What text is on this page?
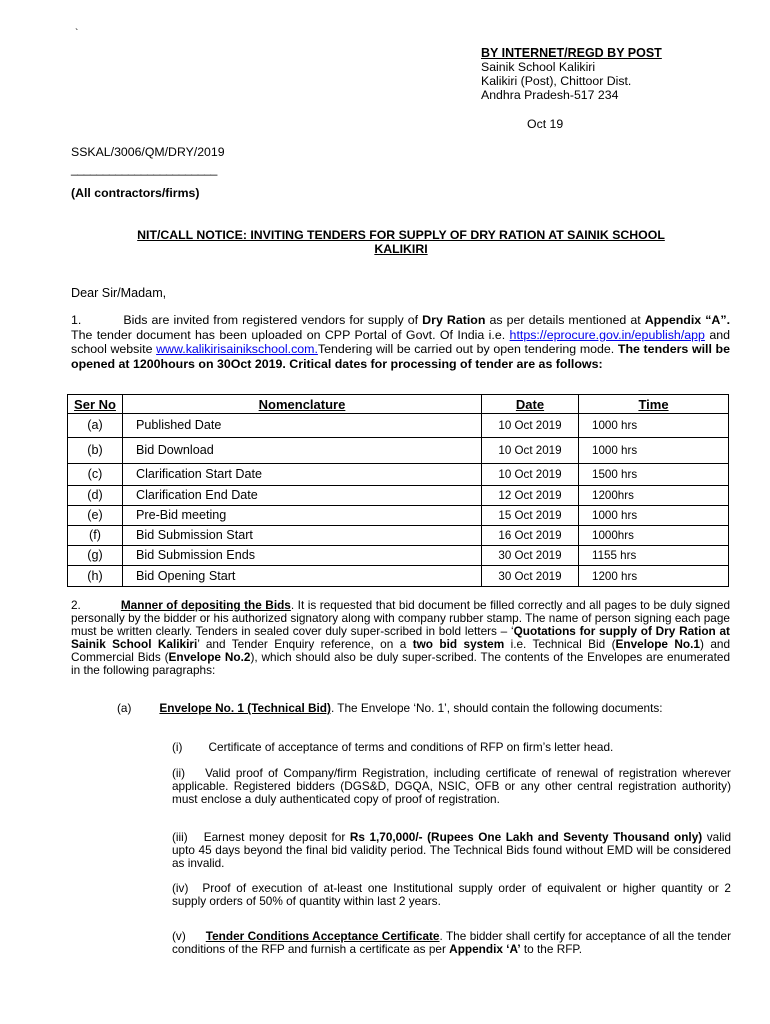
`
BY INTERNET/REGD BY POST
Sainik School Kalikiri
Kalikiri (Post), Chittoor Dist.
Andhra Pradesh-517 234
Oct 19
SSKAL/3006/QM/DRY/2019
_______________________
(All contractors/firms)
NIT/CALL NOTICE: INVITING TENDERS FOR SUPPLY OF DRY RATION AT SAINIK SCHOOL
KALIKIRI
Dear Sir/Madam,
1.	Bids are invited from registered vendors for supply of Dry Ration as per details mentioned at Appendix “A”. The tender document has been uploaded on CPP Portal of Govt. Of India i.e. https://eprocure.gov.in/epublish/app and school website www.kalikirisainikschool.com.Tendering will be carried out by open tendering mode. The tenders will be opened at 1200hours on 30Oct 2019. Critical dates for processing of tender are as follows:
Ser No	Nomenclature	Date	Time
(a)	Published Date	10 Oct 2019	1000 hrs
(b)	Bid Download	10 Oct 2019	1000 hrs
(c)	Clarification Start Date	10 Oct 2019	1500 hrs
(d)	Clarification End Date	12 Oct 2019	1200hrs
(e)	Pre-Bid meeting	15 Oct 2019	1000 hrs
(f)	Bid Submission Start	16 Oct 2019	1000hrs
(g)	Bid Submission Ends	30 Oct 2019	1155 hrs
(h)	Bid Opening Start	30 Oct 2019	1200 hrs
2.	Manner of depositing the Bids. It is requested that bid document be filled correctly and all pages to be duly signed personally by the bidder or his authorized signatory along with company rubber stamp. The name of person signing each page must be written clearly. Tenders in sealed cover duly super-scribed in bold letters – ‘Quotations for supply of Dry Ration at Sainik School Kalikiri’ and Tender Enquiry reference, on a two bid system i.e. Technical Bid (Envelope No.1) and Commercial Bids (Envelope No.2), which should also be duly super-scribed. The contents of the Envelopes are enumerated in the following paragraphs:
(a) Envelope No. 1 (Technical Bid). The Envelope ‘No. 1’, should contain the following documents:
(i) Certificate of acceptance of terms and conditions of RFP on firm’s letter head.
(ii) Valid proof of Company/firm Registration, including certificate of renewal of registration wherever applicable. Registered bidders (DGS&D, DGQA, NSIC, OFB or any other central registration authority) must enclose a duly authenticated copy of proof of registration.
(iii) Earnest money deposit for Rs 1,70,000/- (Rupees One Lakh and Seventy Thousand only) valid upto 45 days beyond the final bid validity period. The Technical Bids found without EMD will be considered as invalid.
(iv) Proof of execution of at-least one Institutional supply order of equivalent or higher quantity or 2 supply orders of 50% of quantity within last 2 years.
(v) Tender Conditions Acceptance Certificate. The bidder shall certify for acceptance of all the tender conditions of the RFP and furnish a certificate as per Appendix ‘A’ to the RFP.
